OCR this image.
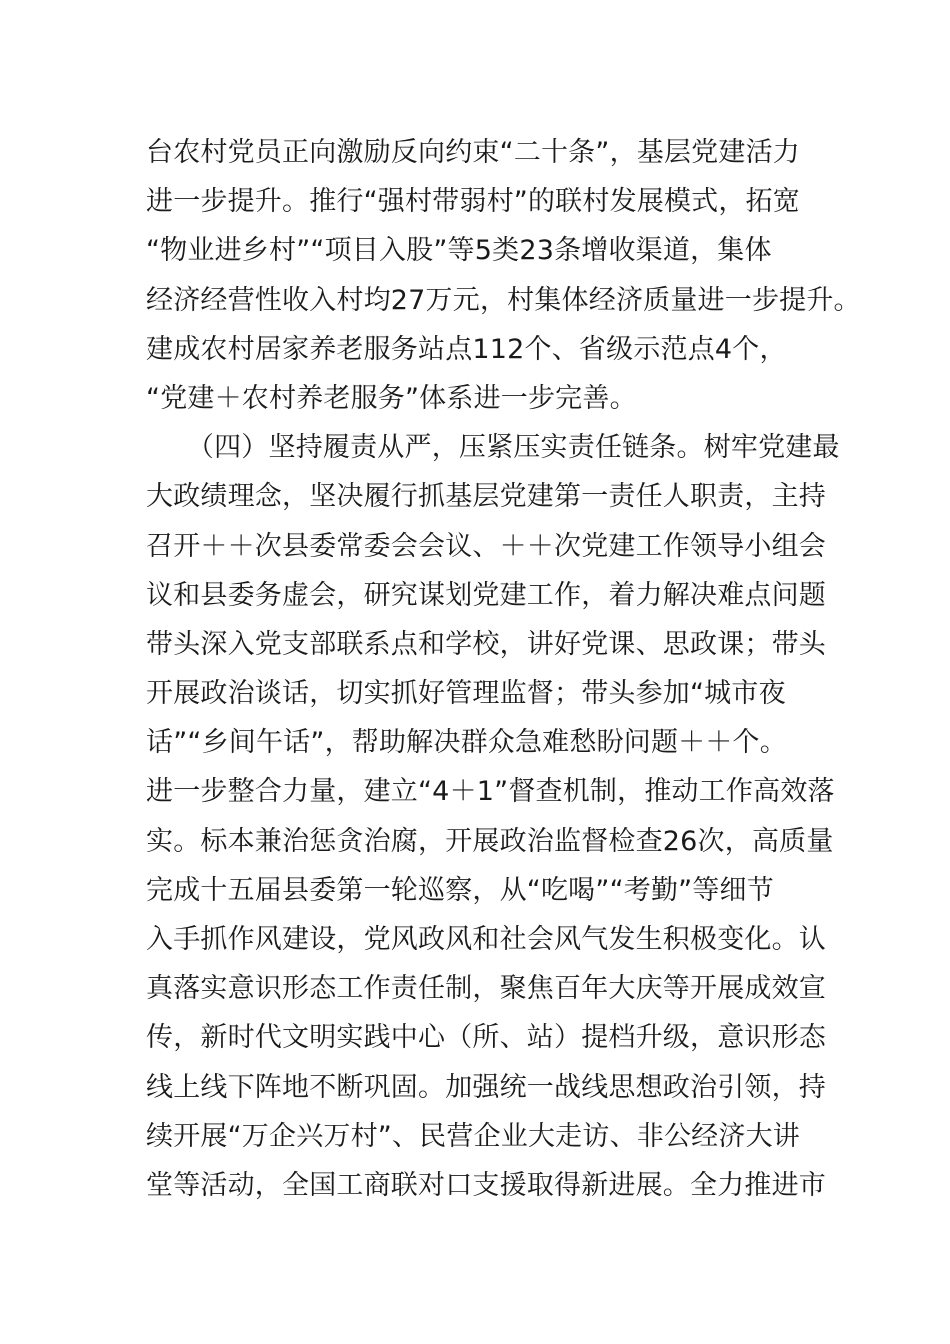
台农村党员正向激励反向约束“二十条”，基层党建活力
进一步提升。推行“强村带弱村”的联村发展模式，拓宽
“物业进乡村”“项目入股”等5类23条增收渠道，集体
经济经营性收入村均27万元，村集体经济质量进一步提升。
建成农村居家养老服务站点112个、省级示范点4个，
“党建＋农村养老服务”体系进一步完善。
　　（四）坚持履责从严，压紧压实责任链条。树牢党建最
大政绩理念，坚决履行抓基层党建第一责任人职责，主持
召开＋＋次县委常委会会议、＋＋次党建工作领导小组会
议和县委务虚会，研究谋划党建工作，着力解决难点问题
带头深入党支部联系点和学校，讲好党课、思政课；带头
开展政治谈话，切实抓好管理监督；带头参加“城市夜
话”“乡间午话”，帮助解决群众急难愁盼问题＋＋个。
进一步整合力量，建立“4＋1”督查机制，推动工作高效落
实。标本兼治惩贪治腐，开展政治监督检查26次，高质量
完成十五届县委第一轮巡察，从“吃喝”“考勤”等细节
入手抓作风建设，党风政风和社会风气发生积极变化。认
真落实意识形态工作责任制，聚焦百年大庆等开展成效宣
传，新时代文明实践中心（所、站）提档升级，意识形态
线上线下阵地不断巩固。加强统一战线思想政治引领，持
续开展“万企兴万村”、民营企业大走访、非公经济大讲
堂等活动，全国工商联对口支援取得新进展。全力推进市
